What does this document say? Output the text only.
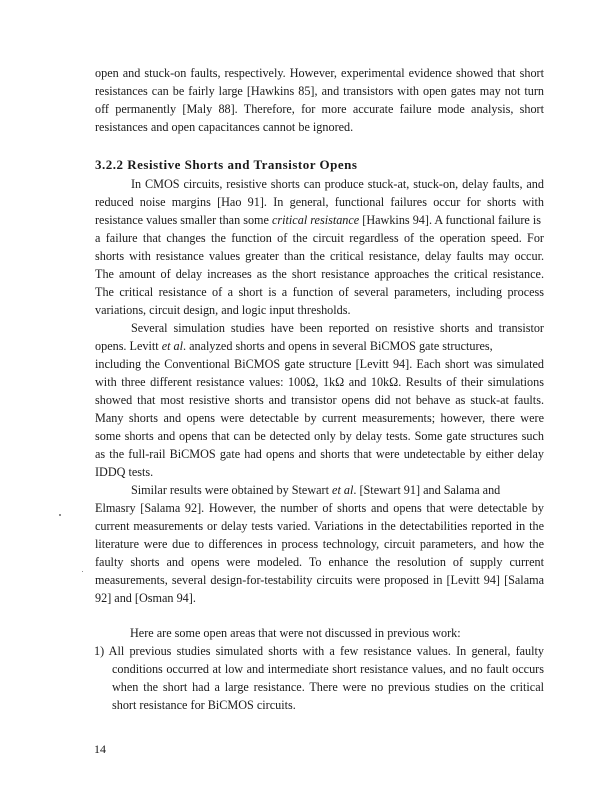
open and stuck-on faults, respectively. However, experimental evidence showed that short
resistances can be fairly large [Hawkins 85], and transistors with open gates may not turn
off permanently [Maly 88]. Therefore, for more accurate failure mode analysis, short
resistances and open capacitances cannot be ignored.
3.2.2 Resistive Shorts and Transistor Opens
In CMOS circuits, resistive shorts can produce stuck-at, stuck-on, delay faults, and
reduced noise margins [Hao 91]. In general, functional failures occur for shorts with
resistance values smaller than some critical resistance [Hawkins 94]. A functional failure is
a failure that changes the function of the circuit regardless of the operation speed. For
shorts with resistance values greater than the critical resistance, delay faults may occur.
The amount of delay increases as the short resistance approaches the critical resistance.
The critical resistance of a short is a function of several parameters, including process
variations, circuit design, and logic input thresholds.
Several simulation studies have been reported on resistive shorts and transistor
opens. Levitt et al. analyzed shorts and opens in several BiCMOS gate structures,
including the Conventional BiCMOS gate structure [Levitt 94]. Each short was simulated
with three different resistance values: 100Ω, 1kΩ and 10kΩ. Results of their simulations
showed that most resistive shorts and transistor opens did not behave as stuck-at faults.
Many shorts and opens were detectable by current measurements; however, there were
some shorts and opens that can be detected only by delay tests. Some gate structures such
as the full-rail BiCMOS gate had opens and shorts that were undetectable by either delay
IDDQ tests.
Similar results were obtained by Stewart et al. [Stewart 91] and Salama and
Elmasry [Salama 92]. However, the number of shorts and opens that were detectable by
current measurements or delay tests varied. Variations in the detectabilities reported in the
literature were due to differences in process technology, circuit parameters, and how the
faulty shorts and opens were modeled. To enhance the resolution of supply current
measurements, several design-for-testability circuits were proposed in [Levitt 94] [Salama
92] and [Osman 94].
Here are some open areas that were not discussed in previous work:
1) All previous studies simulated shorts with a few resistance values. In general, faulty
conditions occurred at low and intermediate short resistance values, and no fault occurs
when the short had a large resistance. There were no previous studies on the critical
short resistance for BiCMOS circuits.
14
